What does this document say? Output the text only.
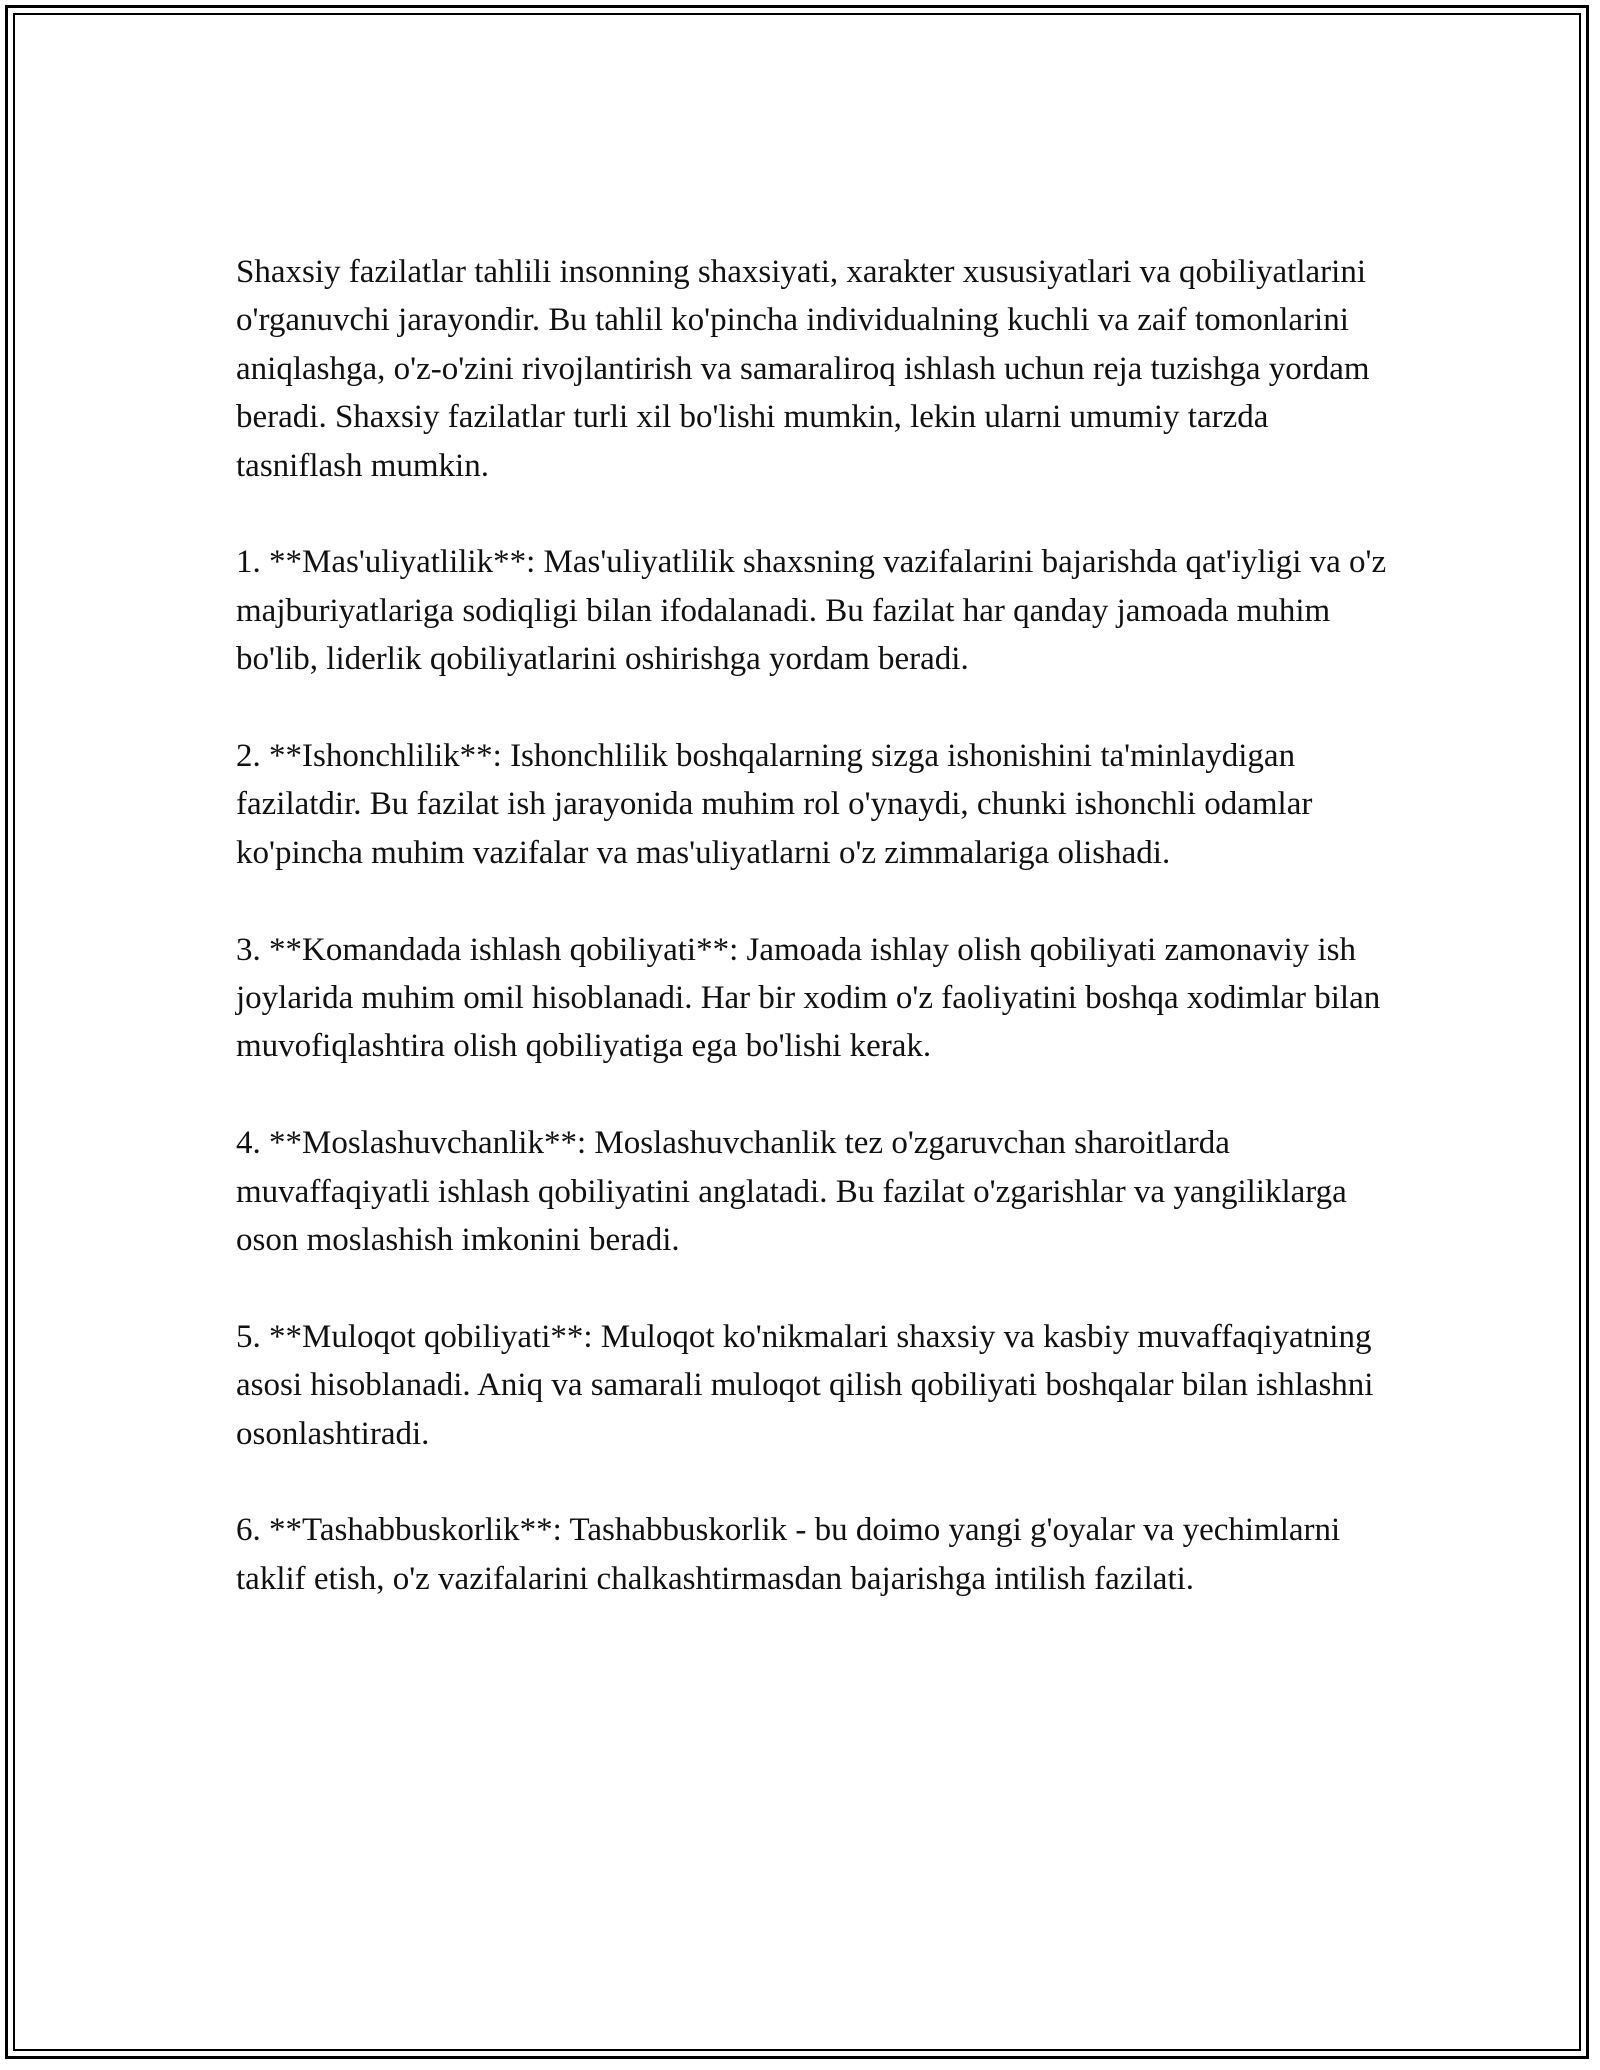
Shaxsiy fazilatlar tahlili insonning shaxsiyati, xarakter xususiyatlari va qobiliyatlarini o'rganuvchi jarayondir. Bu tahlil ko'pincha individualning kuchli va zaif tomonlarini aniqlashga, o'z-o'zini rivojlantirish va samaraliroq ishlash uchun reja tuzishga yordam beradi. Shaxsiy fazilatlar turli xil bo'lishi mumkin, lekin ularni umumiy tarzda tasniflash mumkin.

1. **Mas'uliyatlilik**: Mas'uliyatlilik shaxsning vazifalarini bajarishda qat'iyligi va o'z majburiyatlariga sodiqligi bilan ifodalanadi. Bu fazilat har qanday jamoada muhim bo'lib, liderlik qobiliyatlarini oshirishga yordam beradi.

2. **Ishonchlilik**: Ishonchlilik boshqalarning sizga ishonishini ta'minlaydigan fazilatdir. Bu fazilat ish jarayonida muhim rol o'ynaydi, chunki ishonchli odamlar ko'pincha muhim vazifalar va mas'uliyatlarni o'z zimmalariga olishadi.

3. **Komandada ishlash qobiliyati**: Jamoada ishlay olish qobiliyati zamonaviy ish joylarida muhim omil hisoblanadi. Har bir xodim o'z faoliyatini boshqa xodimlar bilan muvofiqlashtira olish qobiliyatiga ega bo'lishi kerak.

4. **Moslashuvchanlik**: Moslashuvchanlik tez o'zgaruvchan sharoitlarda muvaffaqiyatli ishlash qobiliyatini anglatadi. Bu fazilat o'zgarishlar va yangiliklarga oson moslashish imkonini beradi.

5. **Muloqot qobiliyati**: Muloqot ko'nikmalari shaxsiy va kasbiy muvaffaqiyatning asosi hisoblanadi. Aniq va samarali muloqot qilish qobiliyati boshqalar bilan ishlashni osonlashtiradi.

6. **Tashabbuskorlik**: Tashabbuskorlik - bu doimo yangi g'oyalar va yechimlarni taklif etish, o'z vazifalarini chalkashtirmasdan bajarishga intilish fazilati.
